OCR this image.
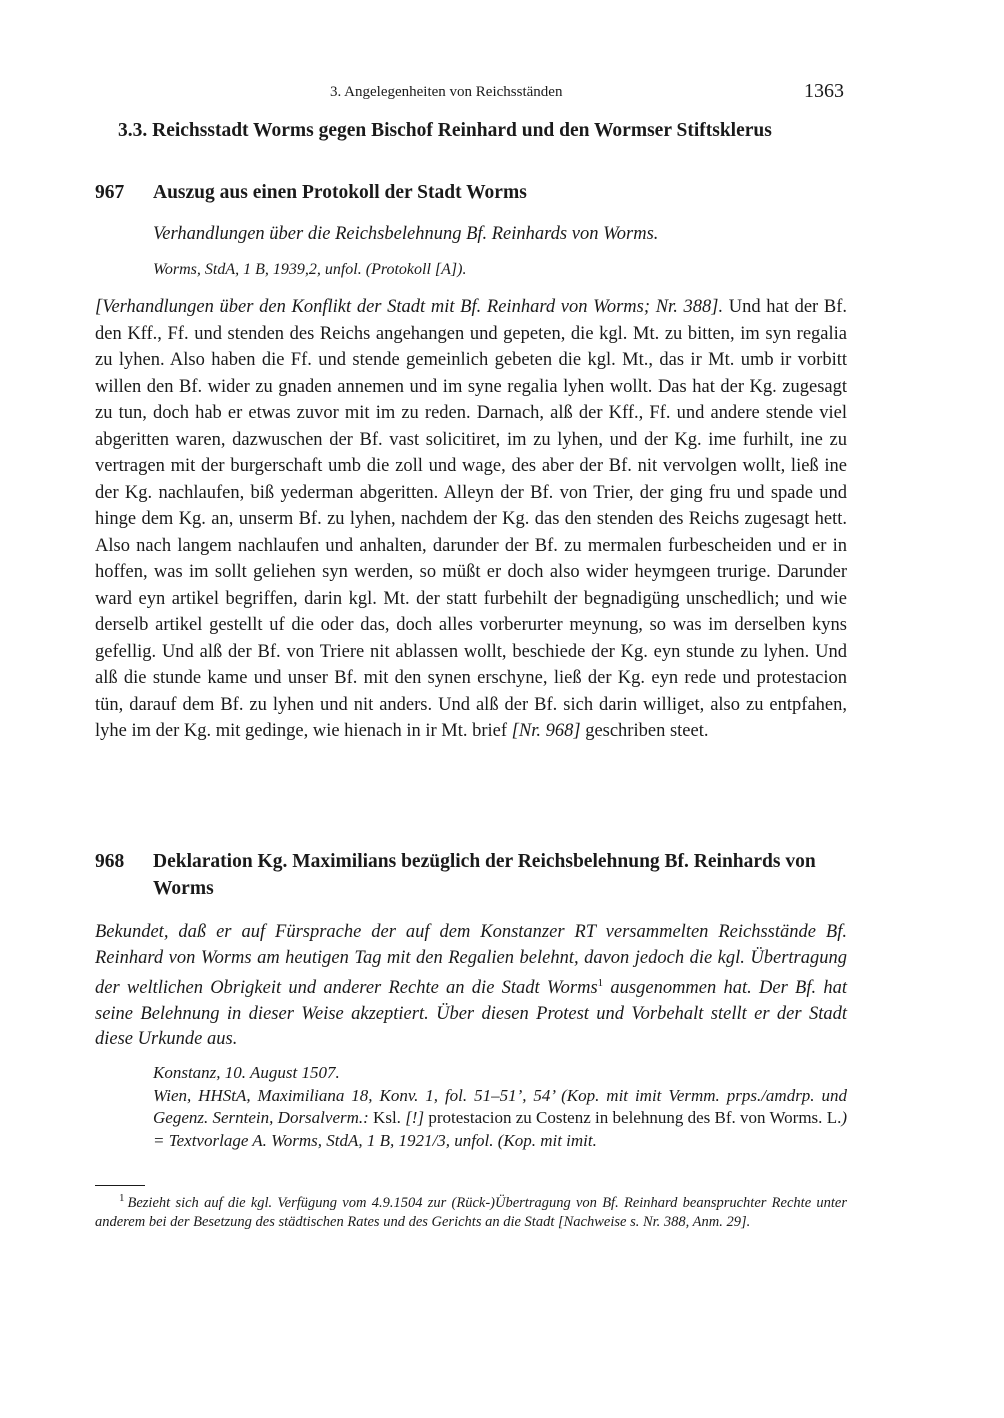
3. Angelegenheiten von Reichsständen	1363
3.3. Reichsstadt Worms gegen Bischof Reinhard und den Wormser Stiftsklerus
967 Auszug aus einen Protokoll der Stadt Worms
Verhandlungen über die Reichsbelehnung Bf. Reinhards von Worms.
Worms, StdA, 1 B, 1939,2, unfol. (Protokoll [A]).
[Verhandlungen über den Konflikt der Stadt mit Bf. Reinhard von Worms; Nr. 388]. Und hat der Bf. den Kff., Ff. und stenden des Reichs angehangen und gepeten, die kgl. Mt. zu bitten, im syn regalia zu lyhen. Also haben die Ff. und stende gemeinlich gebeten die kgl. Mt., das ir Mt. umb ir vorbitt willen den Bf. wider zu gnaden annemen und im syne regalia lyhen wollt. Das hat der Kg. zugesagt zu tun, doch hab er etwas zuvor mit im zu reden. Darnach, alß der Kff., Ff. und andere stende viel abgeritten waren, dazwuschen der Bf. vast solicitiret, im zu lyhen, und der Kg. ime furhilt, ine zu vertragen mit der burgerschaft umb die zoll und wage, des aber der Bf. nit vervolgen wollt, ließ ine der Kg. nachlaufen, biß yederman abgeritten. Alleyn der Bf. von Trier, der ging fru und spade und hinge dem Kg. an, unserm Bf. zu lyhen, nachdem der Kg. das den stenden des Reichs zugesagt hett. Also nach langem nachlaufen und anhalten, darunder der Bf. zu mermalen furbescheiden und er in hoffen, was im sollt geliehen syn werden, so müßt er doch also wider heymgeen trurige. Darunder ward eyn artikel begriffen, darin kgl. Mt. der statt furbehilt der begnadigüng unschedlich; und wie derselb artikel gestellt uf die oder das, doch alles vorberurter meynung, so was im derselben kyns gefellig. Und alß der Bf. von Triere nit ablassen wollt, beschiede der Kg. eyn stunde zu lyhen. Und alß die stunde kame und unser Bf. mit den synen erschyne, ließ der Kg. eyn rede und protestacion tün, darauf dem Bf. zu lyhen und nit anders. Und alß der Bf. sich darin williget, also zu entpfahen, lyhe im der Kg. mit gedinge, wie hienach in ir Mt. brief [Nr. 968] geschriben steet.
968 Deklaration Kg. Maximilians bezüglich der Reichsbelehnung Bf. Reinhards von Worms
Bekundet, daß er auf Fürsprache der auf dem Konstanzer RT versammelten Reichsstände Bf. Reinhard von Worms am heutigen Tag mit den Regalien belehnt, davon jedoch die kgl. Übertragung der weltlichen Obrigkeit und anderer Rechte an die Stadt Worms$^1$ ausgenommen hat. Der Bf. hat seine Belehnung in dieser Weise akzeptiert. Über diesen Protest und Vorbehalt stellt er der Stadt diese Urkunde aus.
Konstanz, 10. August 1507.
Wien, HHStA, Maximiliana 18, Konv. 1, fol. 51–51’, 54’ (Kop. mit imit Vermm. prps./amdrp. und Gegenz. Serntein, Dorsalverm.: Ksl. [!] protestacion zu Costenz in belehnung des Bf. von Worms. L.) = Textvorlage A. Worms, StdA, 1 B, 1921/3, unfol. (Kop. mit imit.
$^1$ Bezieht sich auf die kgl. Verfügung vom 4.9.1504 zur (Rück-)Übertragung von Bf. Reinhard beanspruchter Rechte unter anderem bei der Besetzung des städtischen Rates und des Gerichts an die Stadt [Nachweise s. Nr. 388, Anm. 29].
